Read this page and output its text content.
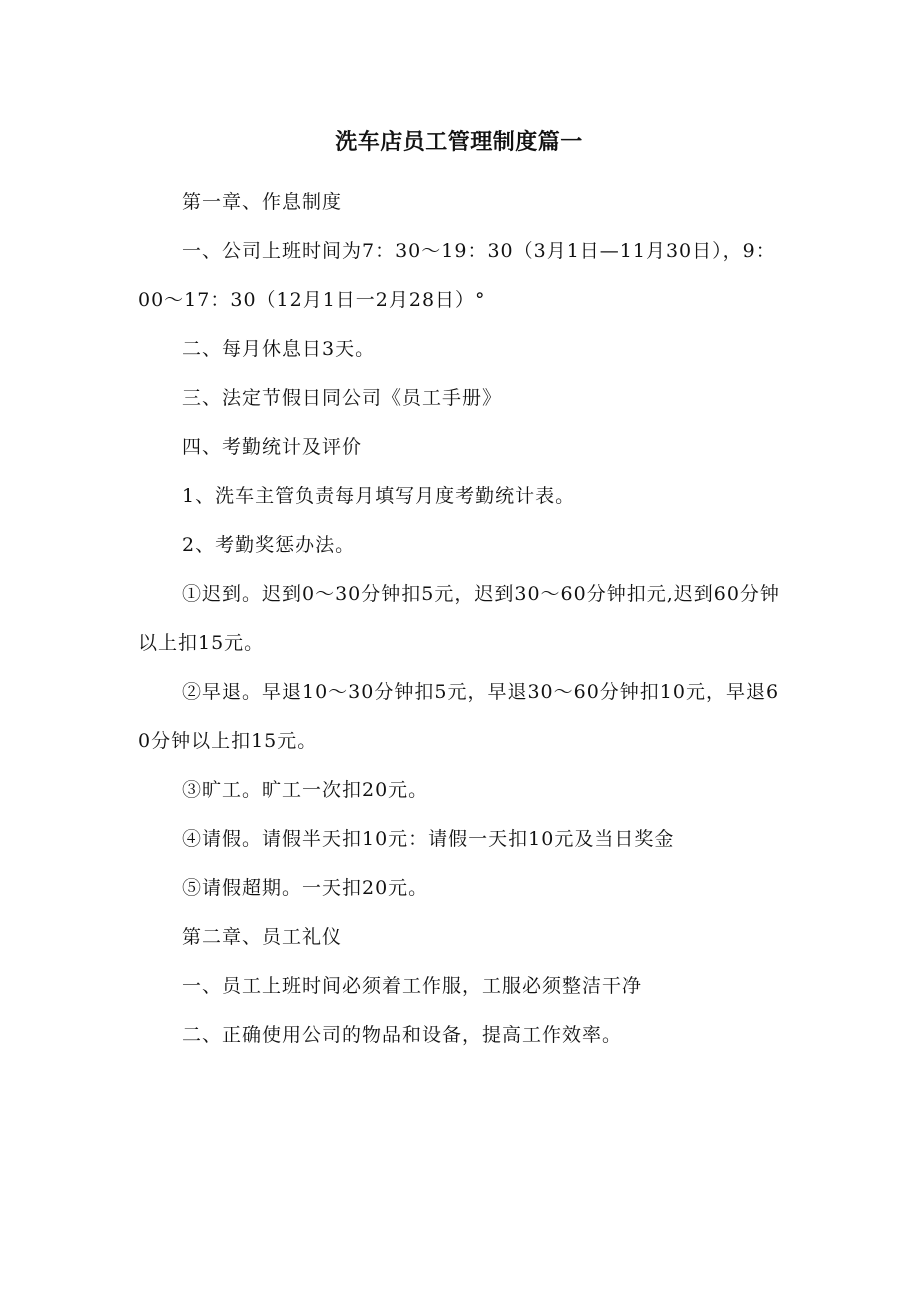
洗车店员工管理制度篇一

第一章、作息制度

一、公司上班时间为7：30～19：30（3月1日—11月30日），9：00～17：30（12月1日一2月28日）°

二、每月休息日3天。

三、法定节假日同公司《员工手册》

四、考勤统计及评价

1、洗车主管负责每月填写月度考勤统计表。

2、考勤奖惩办法。

①迟到。迟到0～30分钟扣5元，迟到30～60分钟扣元,迟到60分钟以上扣15元。

②早退。早退10～30分钟扣5元，早退30～60分钟扣10元，早退60分钟以上扣15元。

③旷工。旷工一次扣20元。

④请假。请假半天扣10元：请假一天扣10元及当日奖金

⑤请假超期。一天扣20元。

第二章、员工礼仪

一、员工上班时间必须着工作服，工服必须整洁干净

二、正确使用公司的物品和设备，提高工作效率。
